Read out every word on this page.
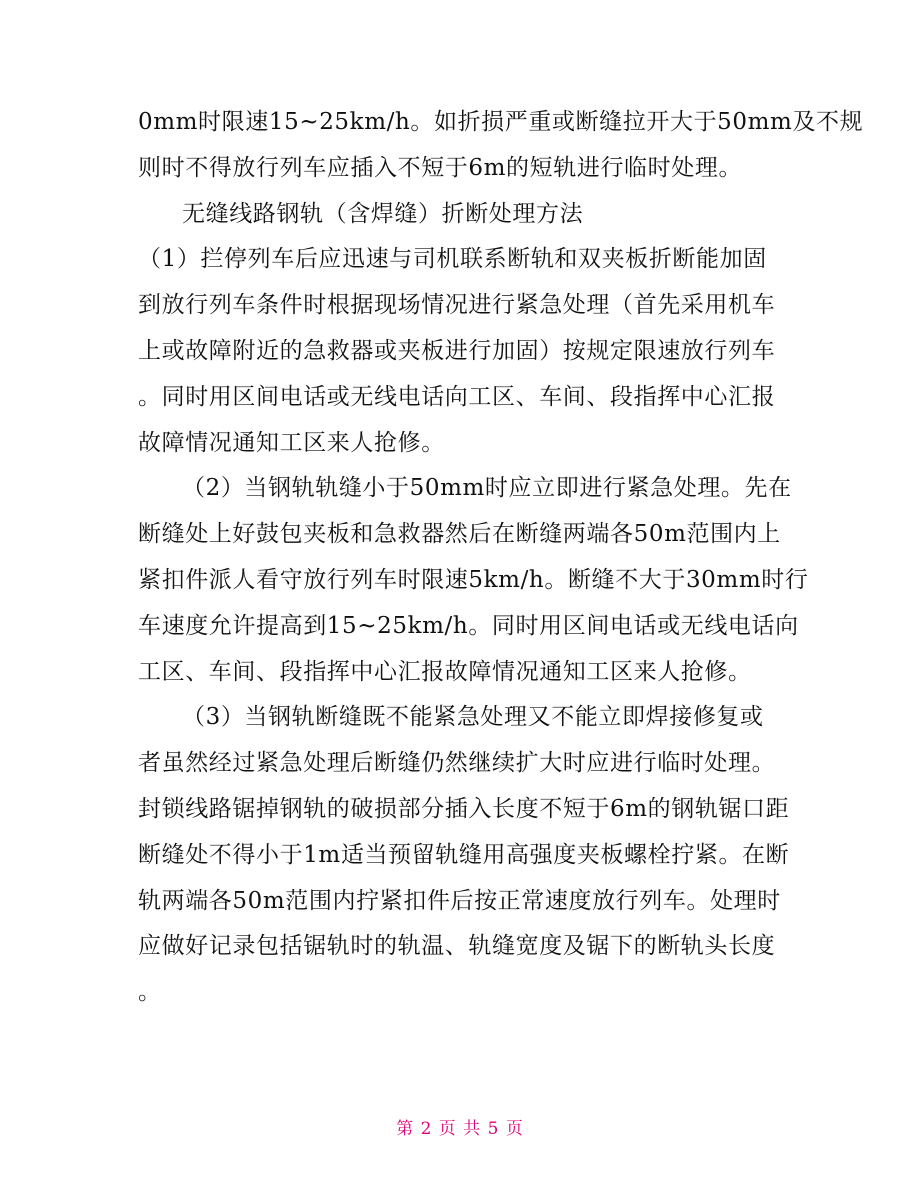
0mm时限速15~25km/h。如折损严重或断缝拉开大于50mm及不规
则时不得放行列车应插入不短于6m的短轨进行临时处理。
无缝线路钢轨（含焊缝）折断处理方法
（1）拦停列车后应迅速与司机联系断轨和双夹板折断能加固
到放行列车条件时根据现场情况进行紧急处理（首先采用机车
上或故障附近的急救器或夹板进行加固）按规定限速放行列车
。同时用区间电话或无线电话向工区、车间、段指挥中心汇报
故障情况通知工区来人抢修。
（2）当钢轨轨缝小于50mm时应立即进行紧急处理。先在
断缝处上好鼓包夹板和急救器然后在断缝两端各50m范围内上
紧扣件派人看守放行列车时限速5km/h。断缝不大于30mm时行
车速度允许提高到15~25km/h。同时用区间电话或无线电话向
工区、车间、段指挥中心汇报故障情况通知工区来人抢修。
（3）当钢轨断缝既不能紧急处理又不能立即焊接修复或
者虽然经过紧急处理后断缝仍然继续扩大时应进行临时处理。
封锁线路锯掉钢轨的破损部分插入长度不短于6m的钢轨锯口距
断缝处不得小于1m适当预留轨缝用高强度夹板螺栓拧紧。在断
轨两端各50m范围内拧紧扣件后按正常速度放行列车。处理时
应做好记录包括锯轨时的轨温、轨缝宽度及锯下的断轨头长度
。
第 2 页 共 5 页
